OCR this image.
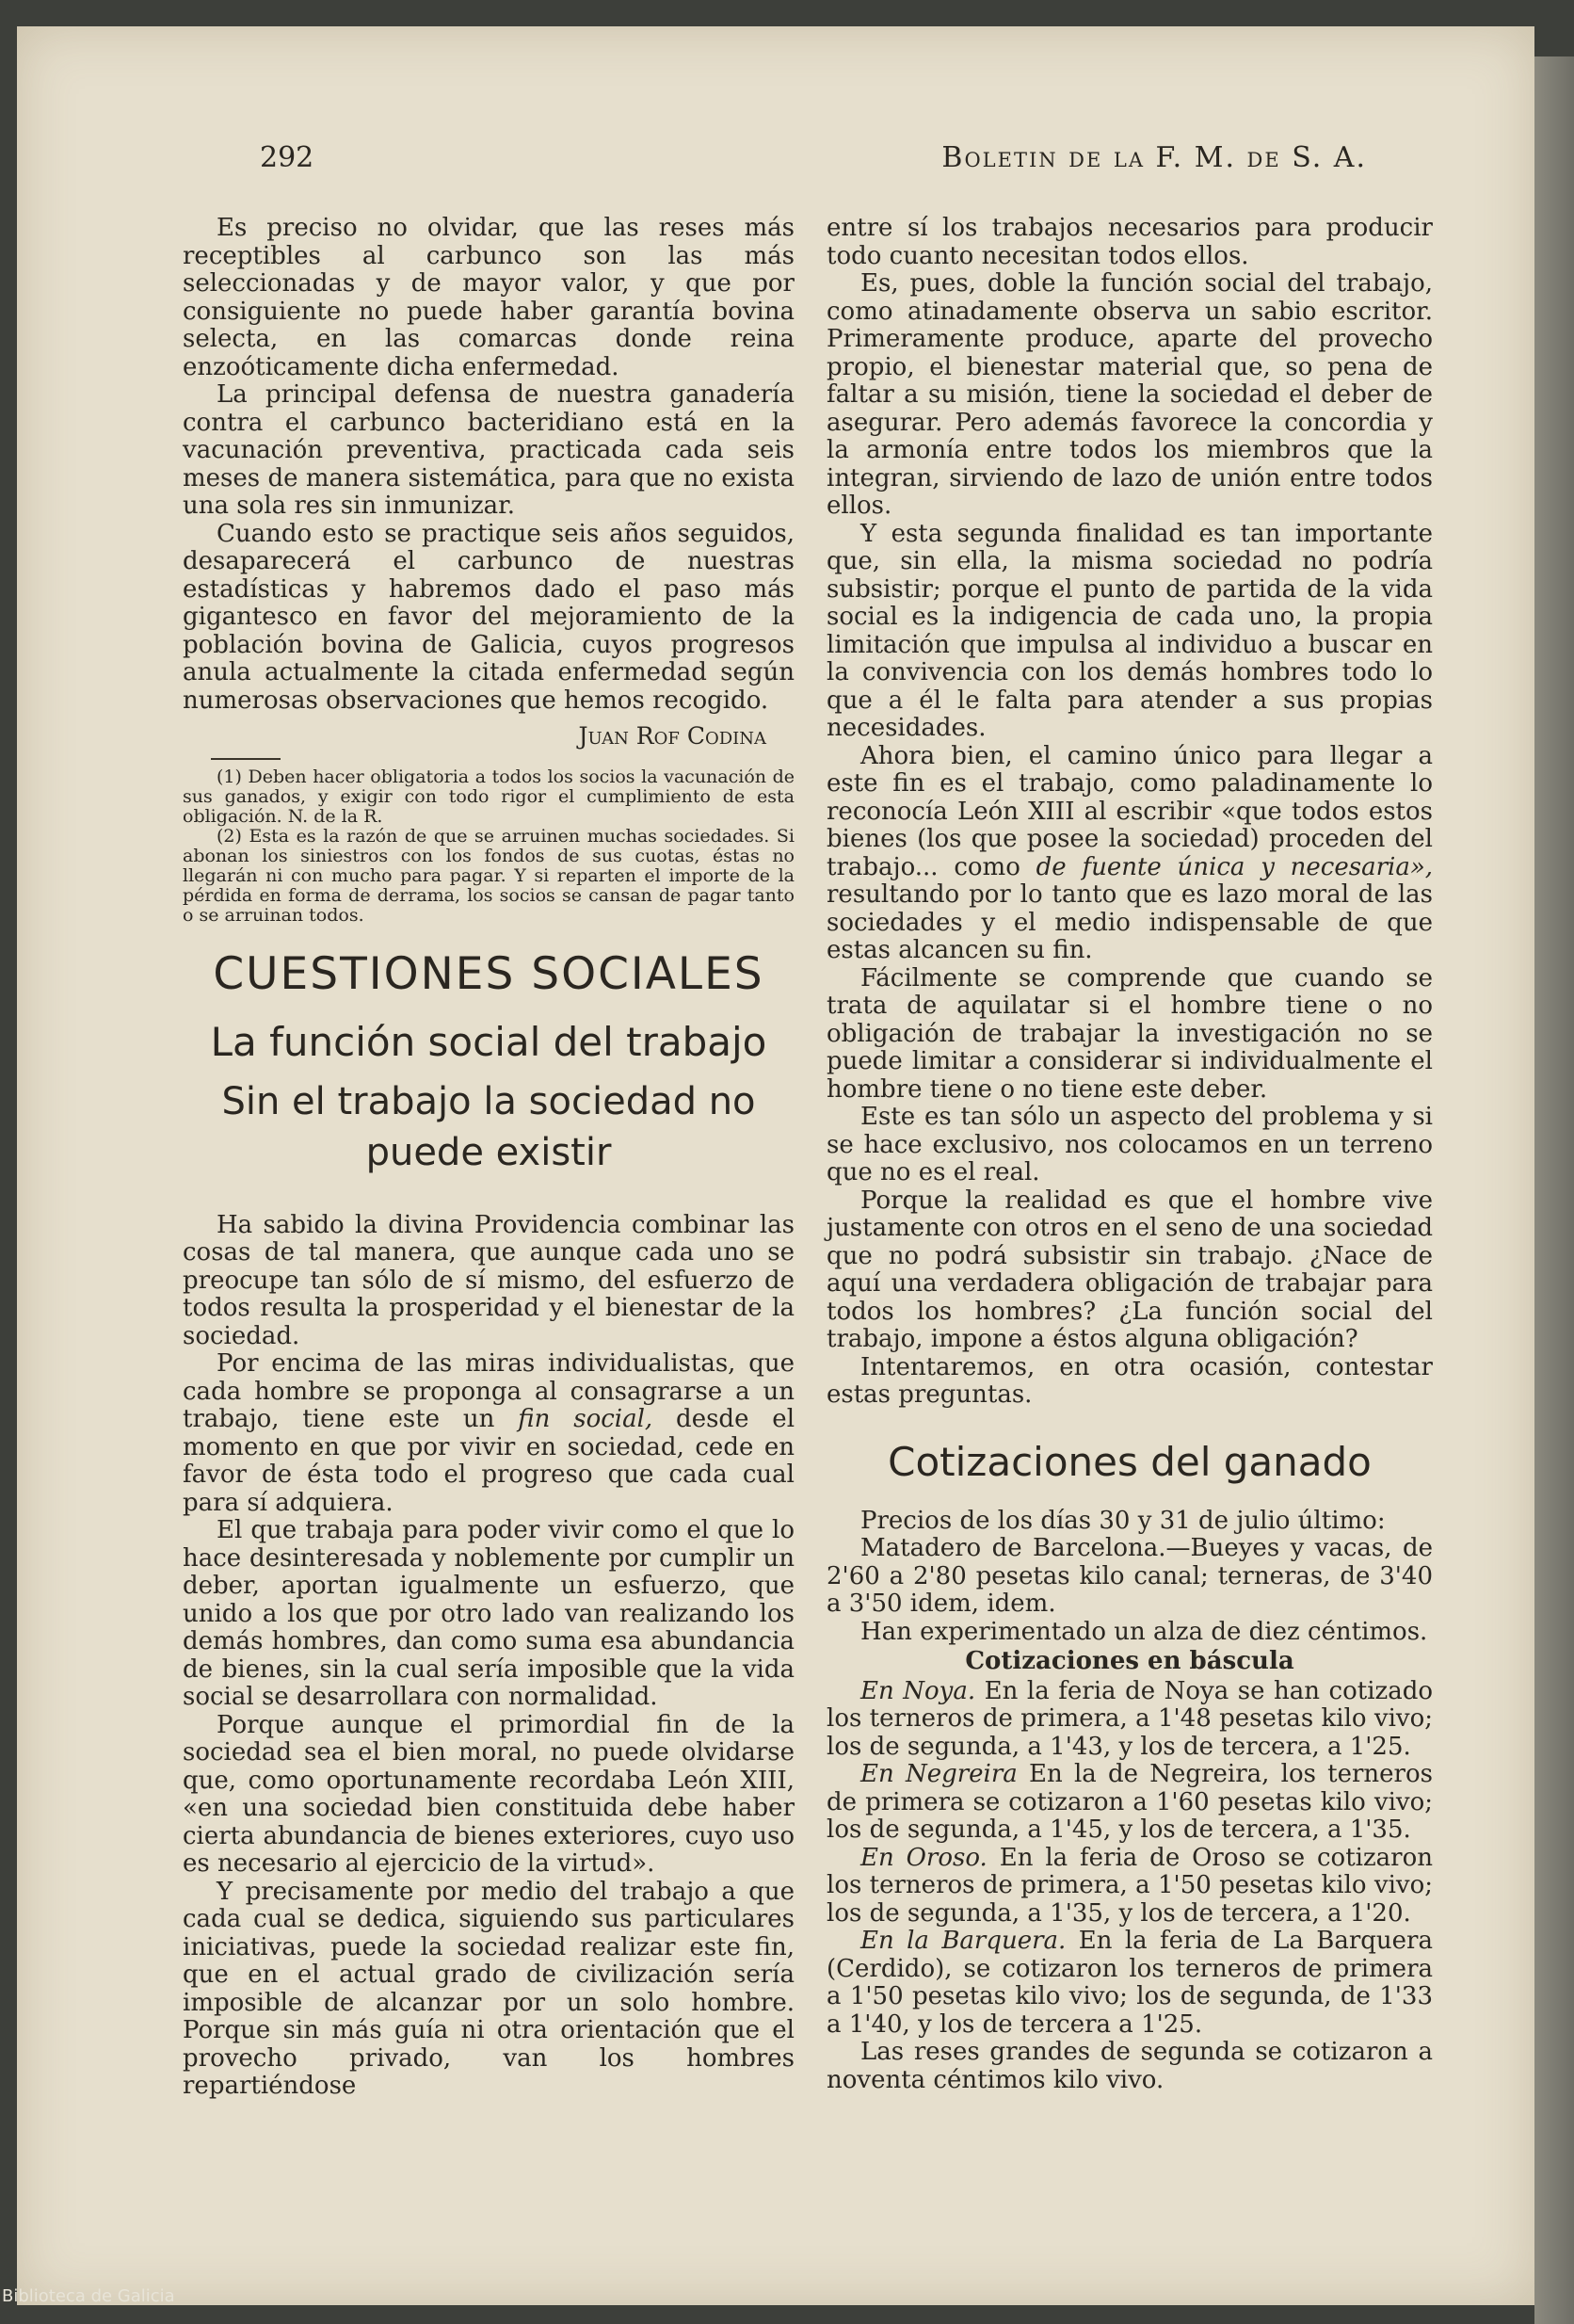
292	Boletin de la F. M. de S. A.

Es preciso no olvidar, que las reses más receptibles al carbunco son las más seleccionadas y de mayor valor, y que por consiguiente no puede haber garantía bovina selecta, en las comarcas donde reina enzoóticamente dicha enfermedad.

La principal defensa de nuestra ganadería contra el carbunco bacteridiano está en la vacunación preventiva, practicada cada seis meses de manera sistemática, para que no exista una sola res sin inmunizar.

Cuando esto se practique seis años seguidos, desaparecerá el carbunco de nuestras estadísticas y habremos dado el paso más gigantesco en favor del mejoramiento de la población bovina de Galicia, cuyos progresos anula actualmente la citada enfermedad según numerosas observaciones que hemos recogido.

Juan Rof Codina

(1) Deben hacer obligatoria a todos los socios la vacunación de sus ganados, y exigir con todo rigor el cumplimiento de esta obligación. N. de la R.

(2) Esta es la razón de que se arruinen muchas sociedades. Si abonan los siniestros con los fondos de sus cuotas, éstas no llegarán ni con mucho para pagar. Y si reparten el importe de la pérdida en forma de derrama, los socios se cansan de pagar tanto o se arruinan todos.

CUESTIONES SOCIALES
La función social del trabajo
Sin el trabajo la sociedad no puede existir

Ha sabido la divina Providencia combinar las cosas de tal manera, que aunque cada uno se preocupe tan sólo de sí mismo, del esfuerzo de todos resulta la prosperidad y el bienestar de la sociedad.

Por encima de las miras individualistas, que cada hombre se proponga al consagrarse a un trabajo, tiene este un fin social, desde el momento en que por vivir en sociedad, cede en favor de ésta todo el progreso que cada cual para sí adquiera.

El que trabaja para poder vivir como el que lo hace desinteresada y noblemente por cumplir un deber, aportan igualmente un esfuerzo, que unido a los que por otro lado van realizando los demás hombres, dan como suma esa abundancia de bienes, sin la cual sería imposible que la vida social se desarrollara con normalidad.

Porque aunque el primordial fin de la sociedad sea el bien moral, no puede olvidarse que, como oportunamente recordaba León XIII, «en una sociedad bien constituida debe haber cierta abundancia de bienes exteriores, cuyo uso es necesario al ejercicio de la virtud».

Y precisamente por medio del trabajo a que cada cual se dedica, siguiendo sus particulares iniciativas, puede la sociedad realizar este fin, que en el actual grado de civilización sería imposible de alcanzar por un solo hombre. Porque sin más guía ni otra orientación que el provecho privado, van los hombres repartiéndose

entre sí los trabajos necesarios para producir todo cuanto necesitan todos ellos.

Es, pues, doble la función social del trabajo, como atinadamente observa un sabio escritor. Primeramente produce, aparte del provecho propio, el bienestar material que, so pena de faltar a su misión, tiene la sociedad el deber de asegurar. Pero además favorece la concordia y la armonía entre todos los miembros que la integran, sirviendo de lazo de unión entre todos ellos.

Y esta segunda finalidad es tan importante que, sin ella, la misma sociedad no podría subsistir; porque el punto de partida de la vida social es la indigencia de cada uno, la propia limitación que impulsa al individuo a buscar en la convivencia con los demás hombres todo lo que a él le falta para atender a sus propias necesidades.

Ahora bien, el camino único para llegar a este fin es el trabajo, como paladinamente lo reconocía León XIII al escribir «que todos estos bienes (los que posee la sociedad) proceden del trabajo... como de fuente única y necesaria», resultando por lo tanto que es lazo moral de las sociedades y el medio indispensable de que estas alcancen su fin.

Fácilmente se comprende que cuando se trata de aquilatar si el hombre tiene o no obligación de trabajar la investigación no se puede limitar a considerar si individualmente el hombre tiene o no tiene este deber.

Este es tan sólo un aspecto del problema y si se hace exclusivo, nos colocamos en un terreno que no es el real.

Porque la realidad es que el hombre vive justamente con otros en el seno de una sociedad que no podrá subsistir sin trabajo. ¿Nace de aquí una verdadera obligación de trabajar para todos los hombres? ¿La función social del trabajo, impone a éstos alguna obligación?

Intentaremos, en otra ocasión, contestar estas preguntas.

Cotizaciones del ganado

Precios de los días 30 y 31 de julio último:

Matadero de Barcelona.—Bueyes y vacas, de 2'60 a 2'80 pesetas kilo canal; terneras, de 3'40 a 3'50 idem, idem.

Han experimentado un alza de diez céntimos.

Cotizaciones en báscula

En Noya. En la feria de Noya se han cotizado los terneros de primera, a 1'48 pesetas kilo vivo; los de segunda, a 1'43, y los de tercera, a 1'25.

En Negreira En la de Negreira, los terneros de primera se cotizaron a 1'60 pesetas kilo vivo; los de segunda, a 1'45, y los de tercera, a 1'35.

En Oroso. En la feria de Oroso se cotizaron los terneros de primera, a 1'50 pesetas kilo vivo; los de segunda, a 1'35, y los de tercera, a 1'20.

En la Barquera. En la feria de La Barquera (Cerdido), se cotizaron los terneros de primera a 1'50 pesetas kilo vivo; los de segunda, de 1'33 a 1'40, y los de tercera a 1'25.

Las reses grandes de segunda se cotizaron a noventa céntimos kilo vivo.

Biblioteca de Galicia
